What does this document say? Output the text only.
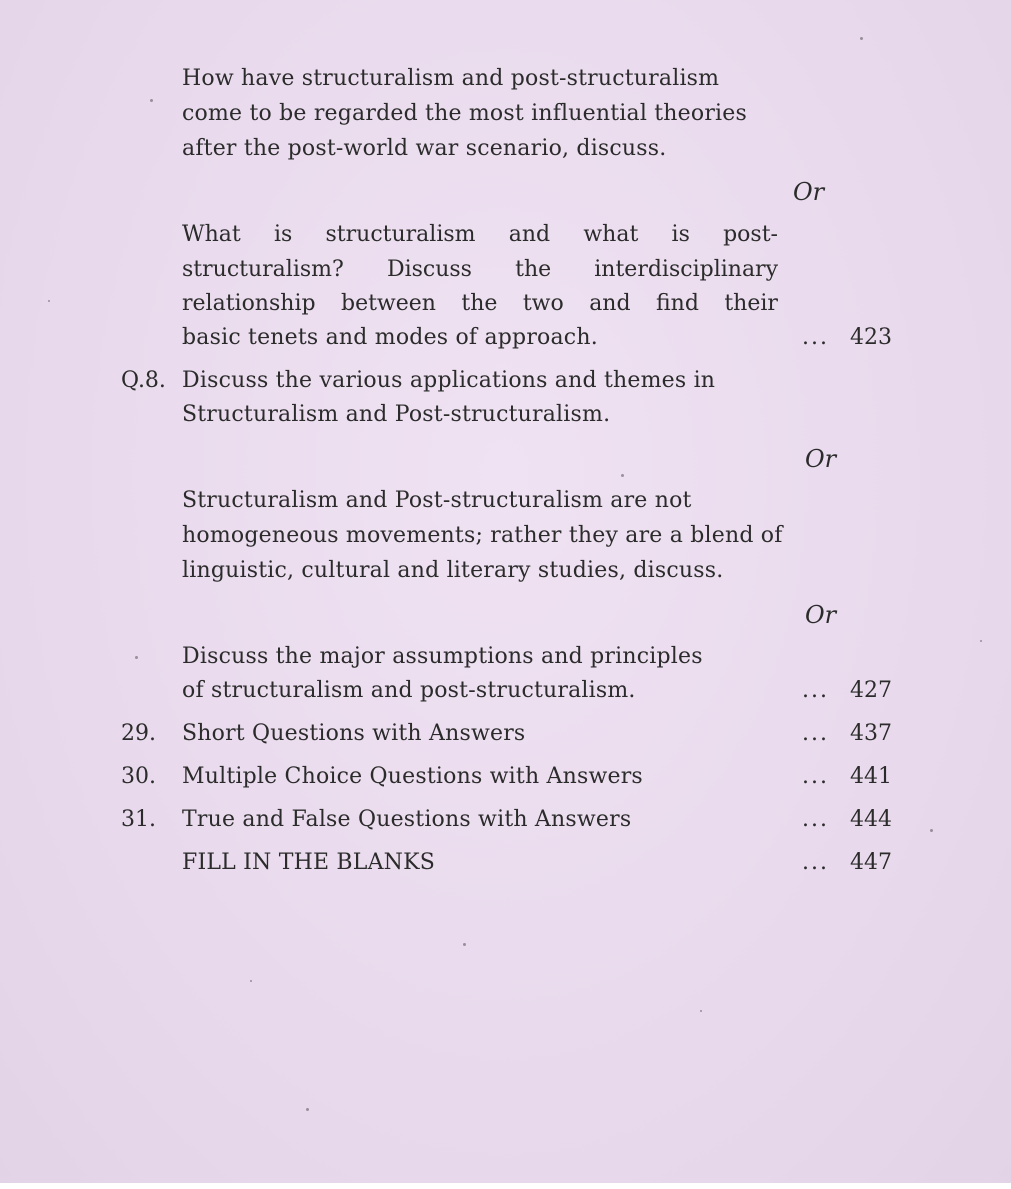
How have structuralism and post-structuralism
come to be regarded the most influential theories
after the post-world war scenario, discuss.
Or
What is structuralism and what is post-
structuralism? Discuss the interdisciplinary
relationship between the two and find their
basic tenets and modes of approach.	... 423
Q.8. Discuss the various applications and themes in
Structuralism and Post-structuralism.
Or
Structuralism and Post-structuralism are not
homogeneous movements; rather they are a blend of
linguistic, cultural and literary studies, discuss.
Or
Discuss the major assumptions and principles
of structuralism and post-structuralism.	... 427
29. Short Questions with Answers	... 437
30. Multiple Choice Questions with Answers	... 441
31. True and False Questions with Answers	... 444
FILL IN THE BLANKS	... 447
